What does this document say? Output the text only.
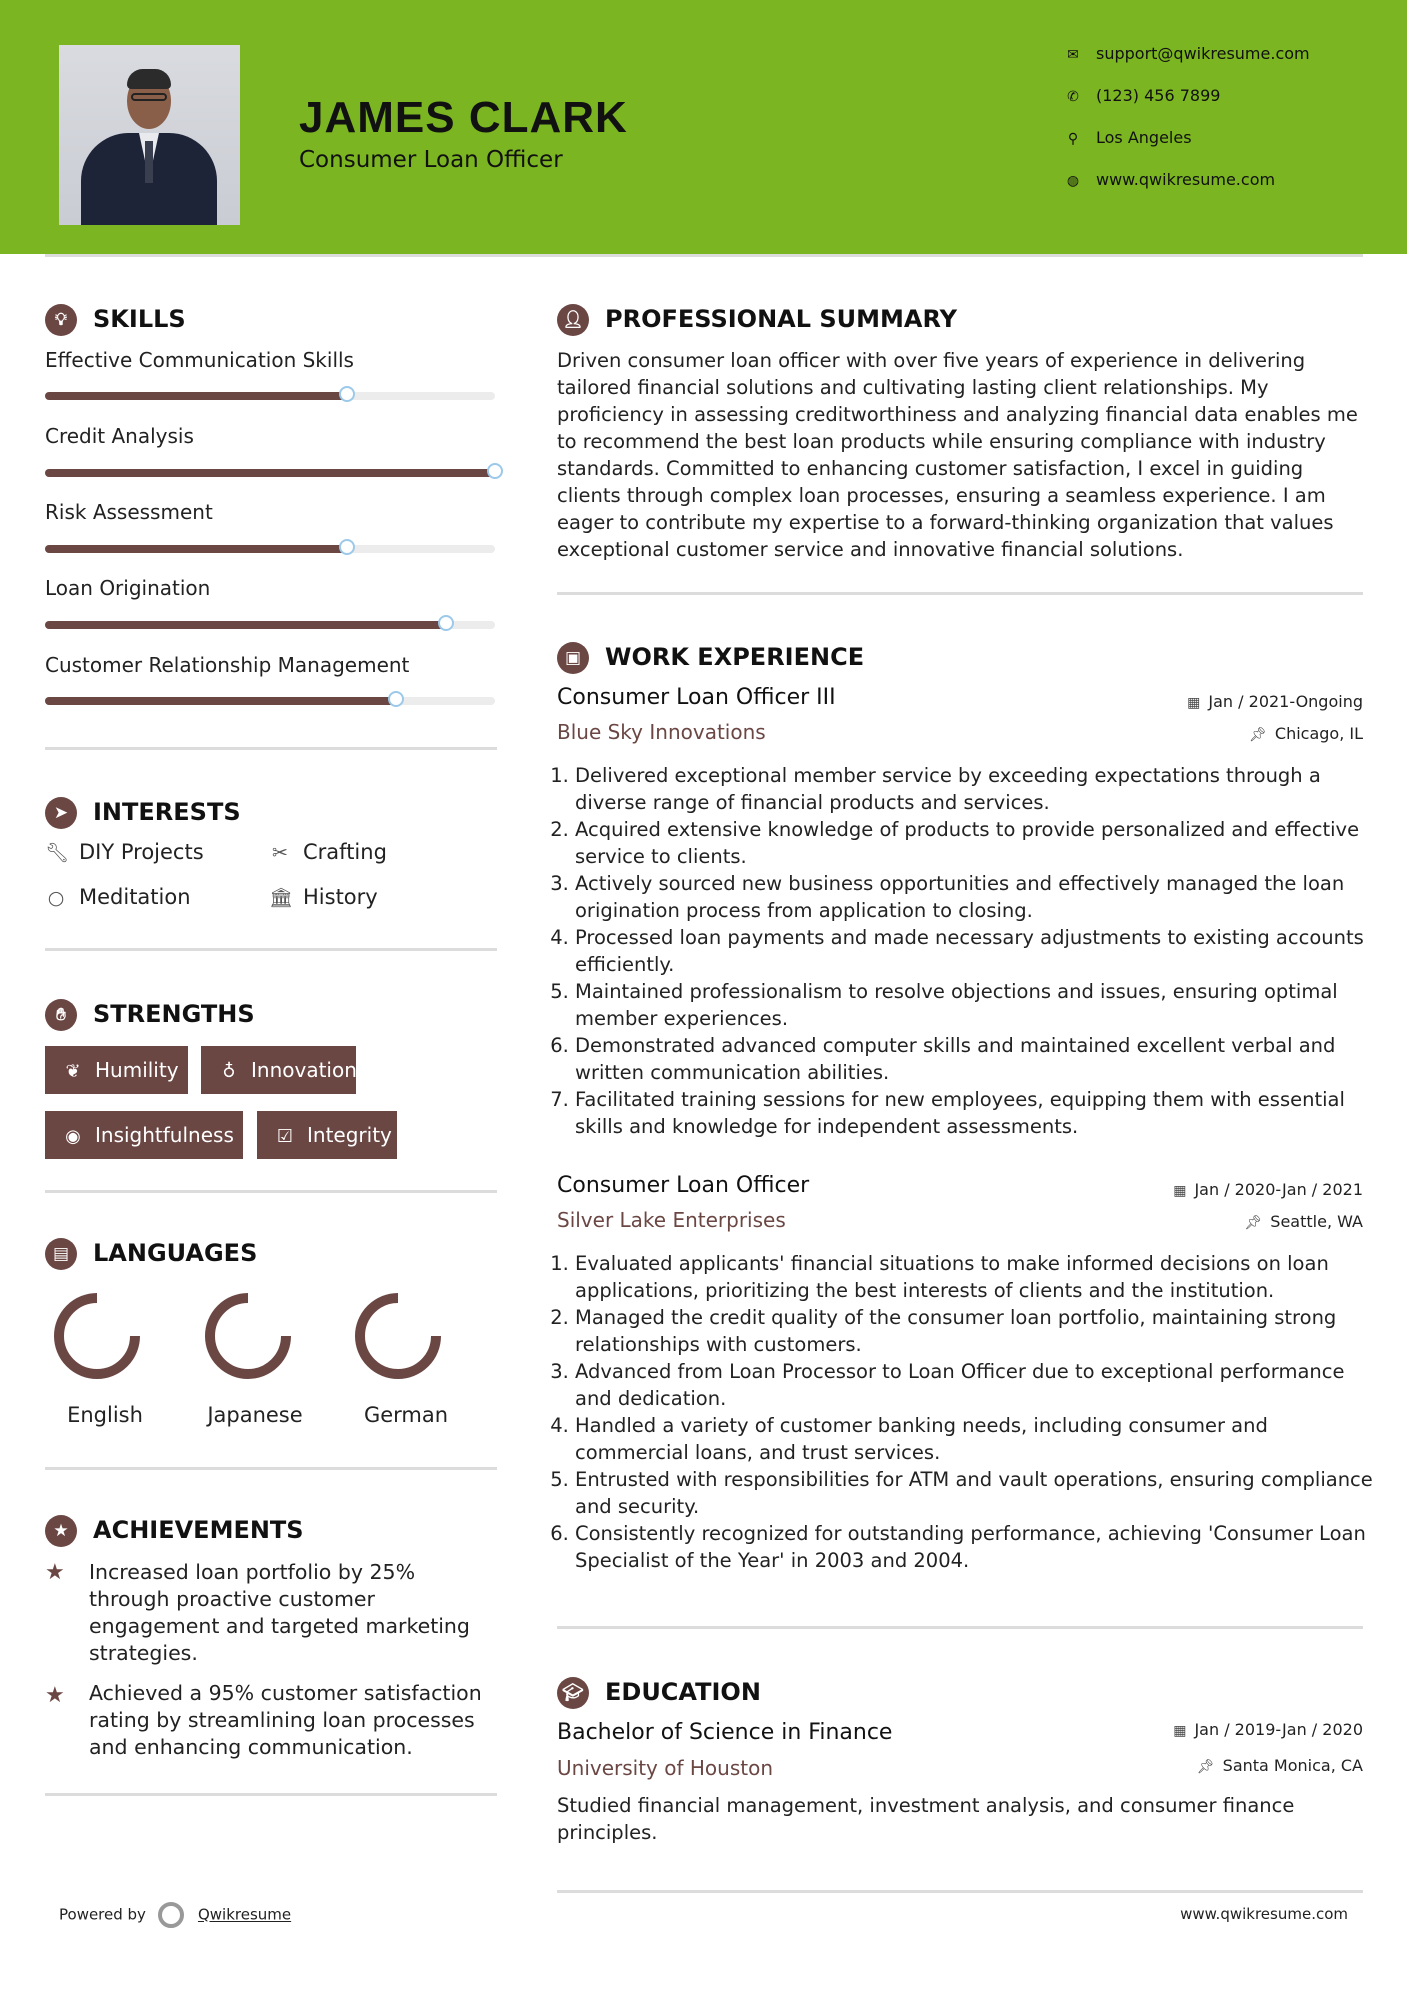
JAMES CLARK
Consumer Loan Officer
✉ support@qwikresume.com
✆ (123) 456 7899
⚲ Los Angeles
◍ www.qwikresume.com
💡︎ SKILLS
Effective Communication Skills
Credit Analysis
Risk Assessment
Loan Origination
Customer Relationship Management
➤ INTERESTS
🔧︎ DIY Projects	✂ Crafting
○ Meditation	🏛︎ History
✋︎ STRENGTHS
❦ Humility	♁ Innovation
◉ Insightfulness	☑ Integrity
▤ LANGUAGES
English	Japanese	German
★ ACHIEVEMENTS
★ Increased loan portfolio by 25% through proactive customer engagement and targeted marketing strategies.
★ Achieved a 95% customer satisfaction rating by streamlining loan processes and enhancing communication.
👤︎ PROFESSIONAL SUMMARY
Driven consumer loan officer with over five years of experience in delivering tailored financial solutions and cultivating lasting client relationships. My proficiency in assessing creditworthiness and analyzing financial data enables me to recommend the best loan products while ensuring compliance with industry standards. Committed to enhancing customer satisfaction, I excel in guiding clients through complex loan processes, ensuring a seamless experience. I am eager to contribute my expertise to a forward-thinking organization that values exceptional customer service and innovative financial solutions.
▣ WORK EXPERIENCE
Consumer Loan Officer III	▦ Jan / 2021-Ongoing
Blue Sky Innovations	📌︎ Chicago, IL
1. Delivered exceptional member service by exceeding expectations through a diverse range of financial products and services.
2. Acquired extensive knowledge of products to provide personalized and effective service to clients.
3. Actively sourced new business opportunities and effectively managed the loan origination process from application to closing.
4. Processed loan payments and made necessary adjustments to existing accounts efficiently.
5. Maintained professionalism to resolve objections and issues, ensuring optimal member experiences.
6. Demonstrated advanced computer skills and maintained excellent verbal and written communication abilities.
7. Facilitated training sessions for new employees, equipping them with essential skills and knowledge for independent assessments.
Consumer Loan Officer	▦ Jan / 2020-Jan / 2021
Silver Lake Enterprises	📌︎ Seattle, WA
1. Evaluated applicants' financial situations to make informed decisions on loan applications, prioritizing the best interests of clients and the institution.
2. Managed the credit quality of the consumer loan portfolio, maintaining strong relationships with customers.
3. Advanced from Loan Processor to Loan Officer due to exceptional performance and dedication.
4. Handled a variety of customer banking needs, including consumer and commercial loans, and trust services.
5. Entrusted with responsibilities for ATM and vault operations, ensuring compliance and security.
6. Consistently recognized for outstanding performance, achieving 'Consumer Loan Specialist of the Year' in 2003 and 2004.
🎓︎ EDUCATION
Bachelor of Science in Finance	▦ Jan / 2019-Jan / 2020
University of Houston	📌︎ Santa Monica, CA
Studied financial management, investment analysis, and consumer finance principles.
Powered by	Qwikresume	www.qwikresume.com
